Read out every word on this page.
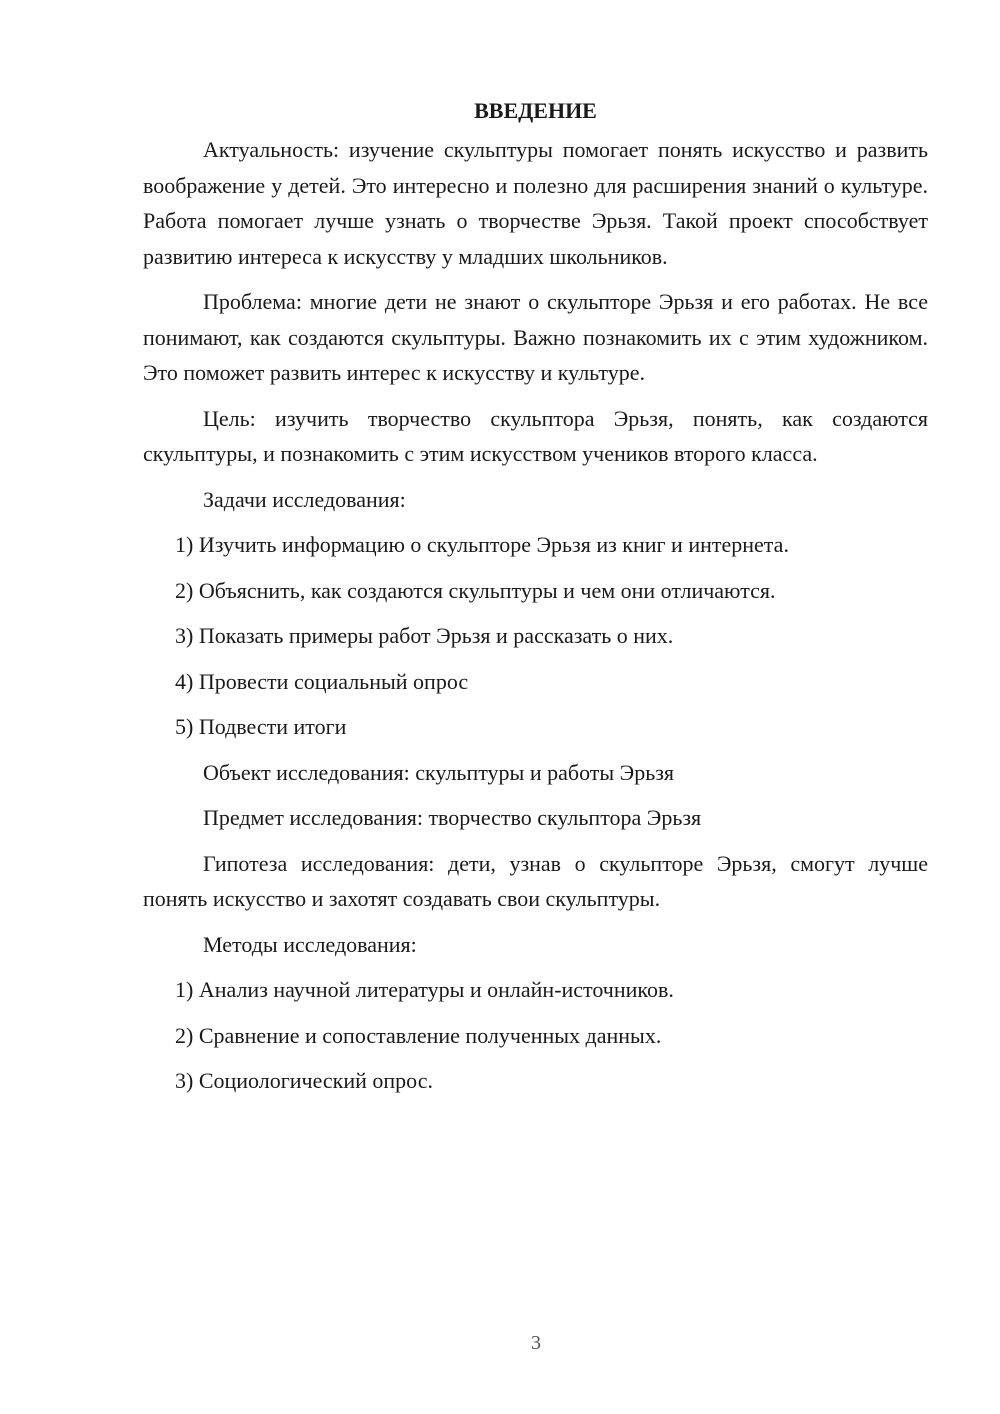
ВВЕДЕНИЕ

Актуальность: изучение скульптуры помогает понять искусство и развить воображение у детей. Это интересно и полезно для расширения знаний о культуре. Работа помогает лучше узнать о творчестве Эрьзя. Такой проект способствует развитию интереса к искусству у младших школьников.

Проблема: многие дети не знают о скульпторе Эрьзя и его работах. Не все понимают, как создаются скульптуры. Важно познакомить их с этим художником. Это поможет развить интерес к искусству и культуре.

Цель: изучить творчество скульптора Эрьзя, понять, как создаются скульптуры, и познакомить с этим искусством учеников второго класса.

Задачи исследования:
1) Изучить информацию о скульпторе Эрьзя из книг и интернета.
2) Объяснить, как создаются скульптуры и чем они отличаются.
3) Показать примеры работ Эрьзя и рассказать о них.
4) Провести социальный опрос
5) Подвести итоги
Объект исследования: скульптуры и работы Эрьзя
Предмет исследования: творчество скульптора Эрьзя

Гипотеза исследования: дети, узнав о скульпторе Эрьзя, смогут лучше понять искусство и захотят создавать свои скульптуры.

Методы исследования:
1) Анализ научной литературы и онлайн-источников.
2) Сравнение и сопоставление полученных данных.
3) Социологический опрос.
3
